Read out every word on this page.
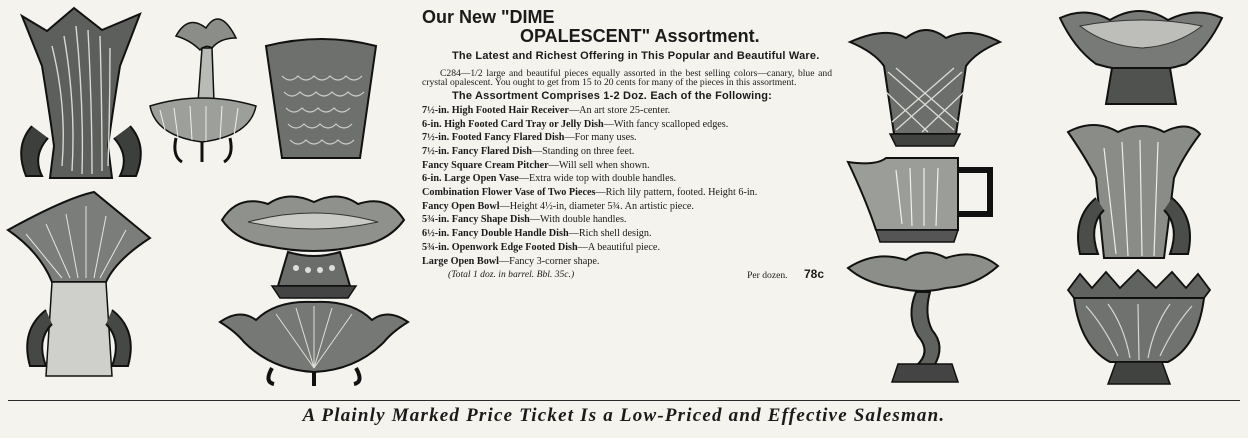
Our New "DIME

OPALESCENT" Assortment.

The Latest and Richest Offering in This Popular and Beautiful Ware.

C284—1/2 large and beautiful pieces equally assorted in the best selling colors—canary, blue and crystal opalescent. You ought to get from 15 to 20 cents for many of the pieces in this assortment.

The Assortment Comprises 1-2 Doz. Each of the Following:

7½-in. High Footed Hair Receiver—An art store 25-center.
6-in. High Footed Card Tray or Jelly Dish—With fancy scalloped edges.
7½-in. Footed Fancy Flared Dish—For many uses.
7½-in. Fancy Flared Dish—Standing on three feet.
Fancy Square Cream Pitcher—Will sell when shown.
6-in. Large Open Vase—Extra wide top with double handles.
Combination Flower Vase of Two Pieces—Rich lily pattern, footed. Height 6-in.
Fancy Open Bowl—Height 4½-in, diameter 5¾. An artistic piece.
5¾-in. Fancy Shape Dish—With double handles.
6½-in. Fancy Double Handle Dish—Rich shell design.
5¾-in. Openwork Edge Footed Dish—A beautiful piece.
Large Open Bowl—Fancy 3-corner shape.
(Total 1 doz. in barrel. Bbl. 35c.)	Per dozen. 78c
A Plainly Marked Price Ticket Is a Low-Priced and Effective Salesman.
